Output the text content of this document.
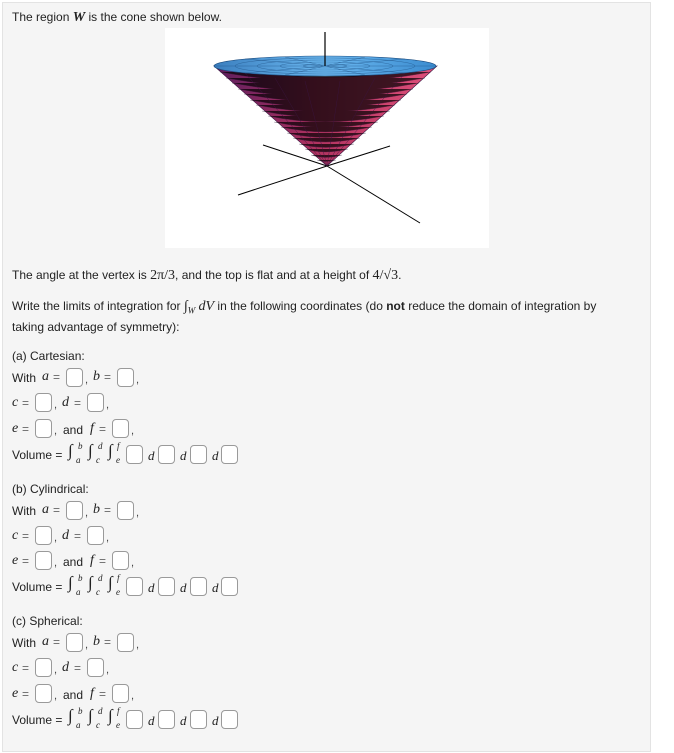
The region W is the cone shown below.
The angle at the vertex is 2π/3, and the top is flat and at a height of 4/√3.
Write the limits of integration for $\int_W$ dV in the following coordinates (do not reduce the domain of integration by
taking advantage of symmetry):
(a) Cartesian:
With a = , b = ,
c = , d = ,
e = , and f = ,
Volume = ∫ b
a ∫ d
c ∫ f
e d d d
(b) Cylindrical:
With a = , b = ,
c = , d = ,
e = , and f = ,
Volume = ∫ b
a ∫ d
c ∫ f
e d d d
(c) Spherical:
With a = , b = ,
c = , d = ,
e = , and f = ,
Volume = ∫ b
a ∫ d
c ∫ f
e d d d
